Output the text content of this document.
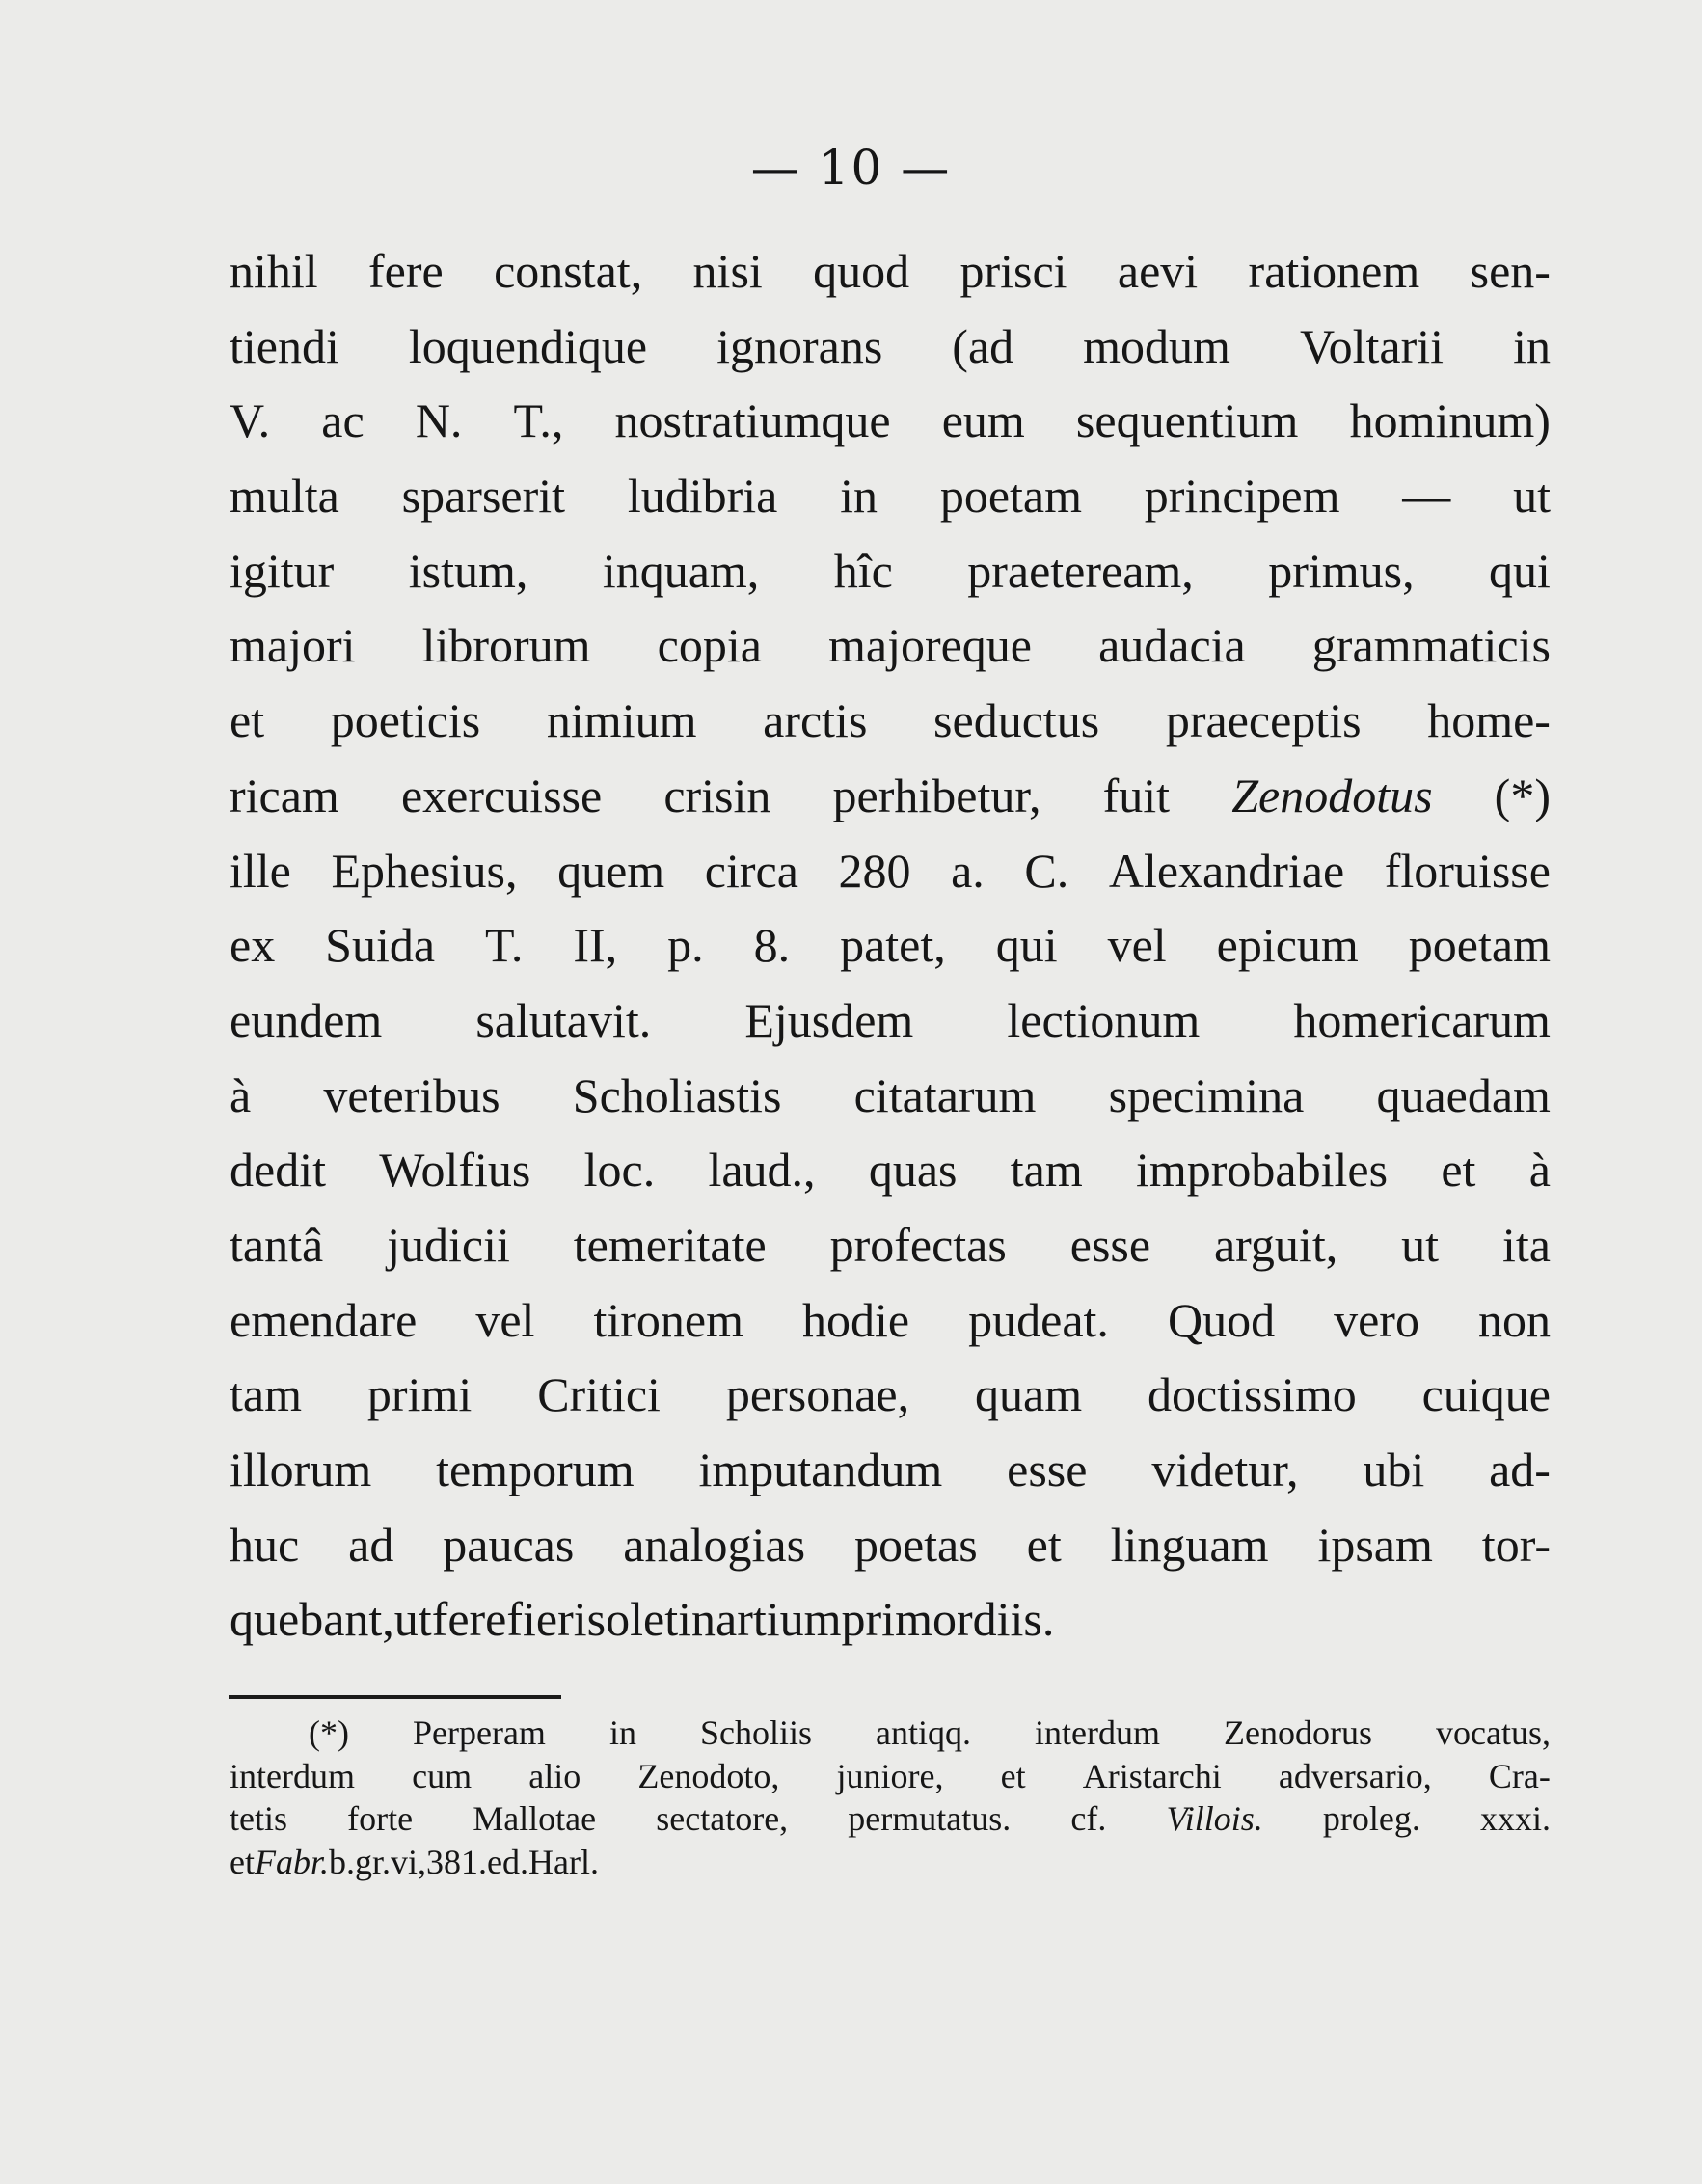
— 10 —
nihil fere constat, nisi quod prisci aevi rationem sen-
tiendi loquendique ignorans (ad modum Voltarii in
V. ac N. T., nostratiumque eum sequentium hominum)
multa sparserit ludibria in poetam principem — ut
igitur istum, inquam, hîc praeteream, primus, qui
majori librorum copia majoreque audacia grammaticis
et poeticis nimium arctis seductus praeceptis home-
ricam exercuisse crisin perhibetur, fuit Zenodotus (*)
ille Ephesius, quem circa 280 a. C. Alexandriae floruisse
ex Suida T. II, p. 8. patet, qui vel epicum poetam
eundem salutavit. Ejusdem lectionum homericarum
à veteribus Scholiastis citatarum specimina quaedam
dedit Wolfius loc. laud., quas tam improbabiles et à
tantâ judicii temeritate profectas esse arguit, ut ita
emendare vel tironem hodie pudeat. Quod vero non
tam primi Critici personae, quam doctissimo cuique
illorum temporum imputandum esse videtur, ubi ad-
huc ad paucas analogias poetas et linguam ipsam tor-
quebant, ut fere fieri solet in artium primordiis.
(*) Perperam in Scholiis antiqq. interdum Zenodorus vocatus,
interdum cum alio Zenodoto, juniore, et Aristarchi adversario, Cra-
tetis forte Mallotae sectatore, permutatus. cf. Villois. proleg. xxxi.
et Fabr. b. gr. vi, 381. ed. Harl.
